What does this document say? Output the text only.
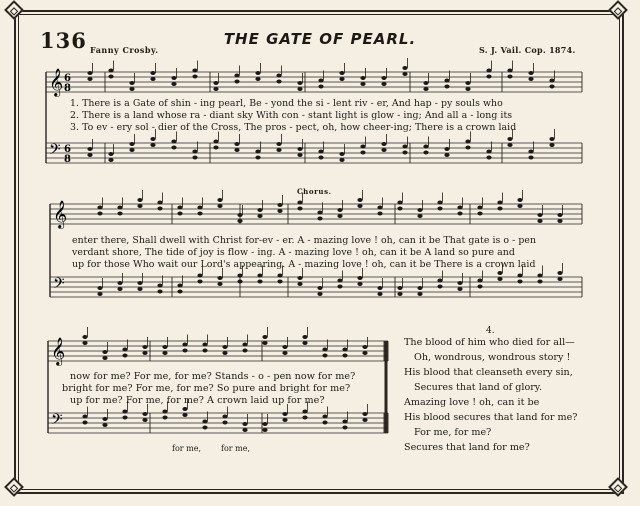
136	THE GATE OF PEARL.
Fanny Crosby.	S. J. Vail. Cop. 1874.
𝄞 6
8
𝄢 6
8
𝄞
𝄢
𝄞
𝄢
1. There is a Gate of shin - ing pearl, Be - yond the si - lent riv - er, And hap - py souls who
2. There is a land whose ra - diant sky With con - stant light is glow - ing; And all a - long its
3. To ev - ery sol - dier of the Cross, The pros - pect, oh, how cheer-ing; There is a crown laid
Chorus.
enter there, Shall dwell with Christ for-ev - er. A - mazing love ! oh, can it be That gate is o - pen
verdant shore, The tide of joy is flow - ing. A - mazing love ! oh, can it be A land so pure and
up for those Who wait our Lord's appearing. A - mazing love ! oh, can it be There is a crown laid
now for me? For me, for me? Stands - o - pen now for me?
bright for me? For me, for me? So pure and bright for me?
up for me? For me, for me? A crown laid up for me?
for me, for me,
4.
The blood of him who died for all—
Oh, wondrous, wondrous story !
His blood that cleanseth every sin,
Secures that land of glory.
Amazing love ! oh, can it be
His blood secures that land for me?
For me, for me?
Secures that land for me?
